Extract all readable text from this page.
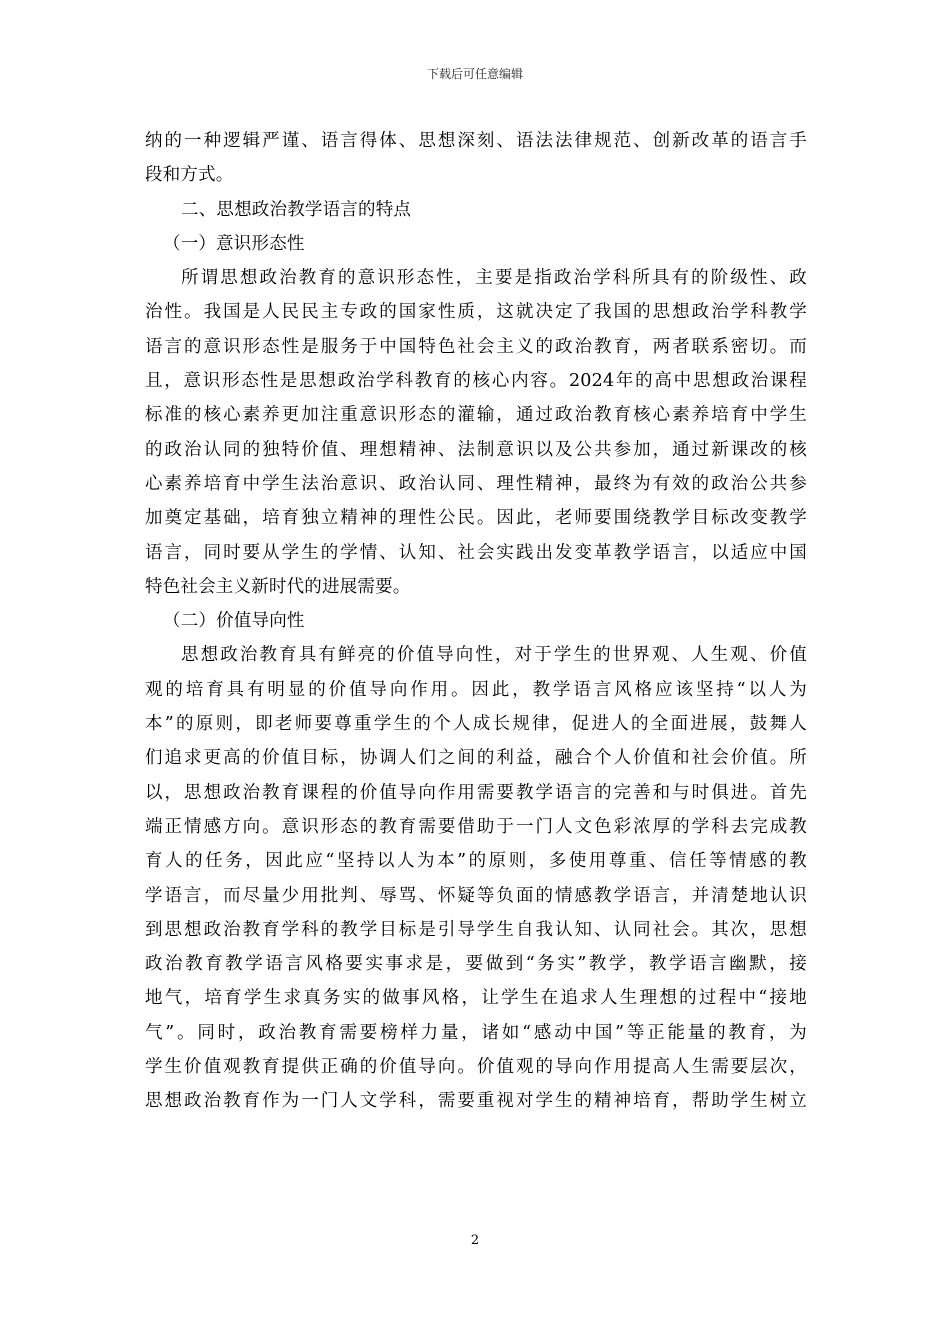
下载后可任意编辑
纳的一种逻辑严谨、语言得体、思想深刻、语法法律规范、创新改革的语言手
段和方式。
二、思想政治教学语言的特点
（一）意识形态性
所谓思想政治教育的意识形态性，主要是指政治学科所具有的阶级性、政
治性。我国是人民民主专政的国家性质，这就决定了我国的思想政治学科教学
语言的意识形态性是服务于中国特色社会主义的政治教育，两者联系密切。而
且，意识形态性是思想政治学科教育的核心内容。2024年的高中思想政治课程
标准的核心素养更加注重意识形态的灌输，通过政治教育核心素养培育中学生
的政治认同的独特价值、理想精神、法制意识以及公共参加，通过新课改的核
心素养培育中学生法治意识、政治认同、理性精神，最终为有效的政治公共参
加奠定基础，培育独立精神的理性公民。因此，老师要围绕教学目标改变教学
语言，同时要从学生的学情、认知、社会实践出发变革教学语言，以适应中国
特色社会主义新时代的进展需要。
（二）价值导向性
思想政治教育具有鲜亮的价值导向性，对于学生的世界观、人生观、价值
观的培育具有明显的价值导向作用。因此，教学语言风格应该坚持“以人为
本”的原则，即老师要尊重学生的个人成长规律，促进人的全面进展，鼓舞人
们追求更高的价值目标，协调人们之间的利益，融合个人价值和社会价值。所
以，思想政治教育课程的价值导向作用需要教学语言的完善和与时俱进。首先
端正情感方向。意识形态的教育需要借助于一门人文色彩浓厚的学科去完成教
育人的任务，因此应“坚持以人为本”的原则，多使用尊重、信任等情感的教
学语言，而尽量少用批判、辱骂、怀疑等负面的情感教学语言，并清楚地认识
到思想政治教育学科的教学目标是引导学生自我认知、认同社会。其次，思想
政治教育教学语言风格要实事求是，要做到“务实”教学，教学语言幽默，接
地气，培育学生求真务实的做事风格，让学生在追求人生理想的过程中“接地
气”。同时，政治教育需要榜样力量，诸如“感动中国”等正能量的教育，为
学生价值观教育提供正确的价值导向。价值观的导向作用提高人生需要层次，
思想政治教育作为一门人文学科，需要重视对学生的精神培育，帮助学生树立
2
